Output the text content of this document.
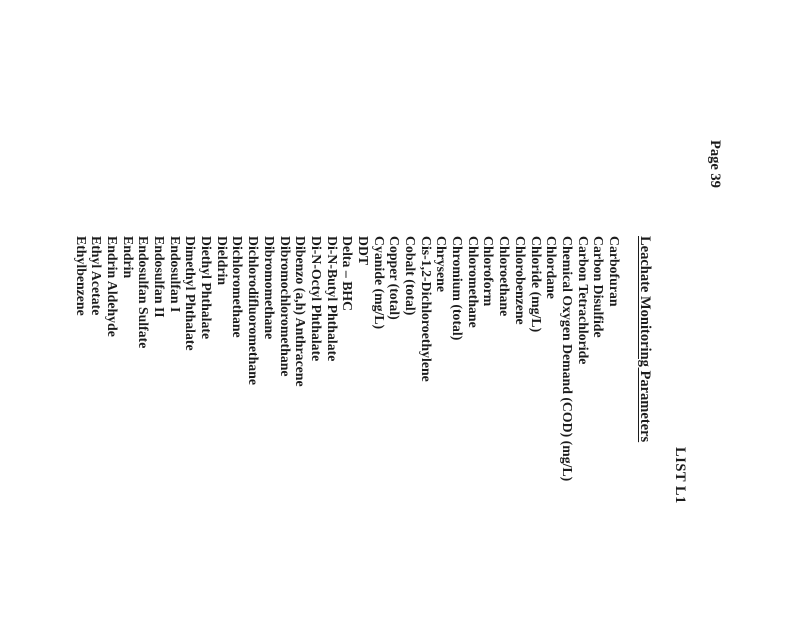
Page 39
LIST L1
Leachate Monitoring Parameters
Carbofuran
Carbon Disulfide
Carbon Tetrachloride
Chemical Oxygen Demand (COD) (mg/L)
Chlordane
Chloride (mg/L)
Chlorobenzene
Chloroethane
Chloroform
Chloromethane
Chromium (total)
Chrysene
Cis-1,2-Dichloroethylene
Cobalt (total)
Copper (total)
Cyanide (mg/L)
DDT
Delta – BHC
Di-N-Butyl Phthalate
Di-N-Octyl Phthalate
Dibenzo (a,h) Anthracene
Dibromochloromethane
Dibromomethane
Dichlorodifluoromethane
Dichloromethane
Dieldrin
Diethyl Phthalate
Dimethyl Phthalate
Endosulfan I
Endosulfan II
Endosulfan Sulfate
Endrin
Endrin Aldehyde
Ethyl Acetate
Ethylbenzene
